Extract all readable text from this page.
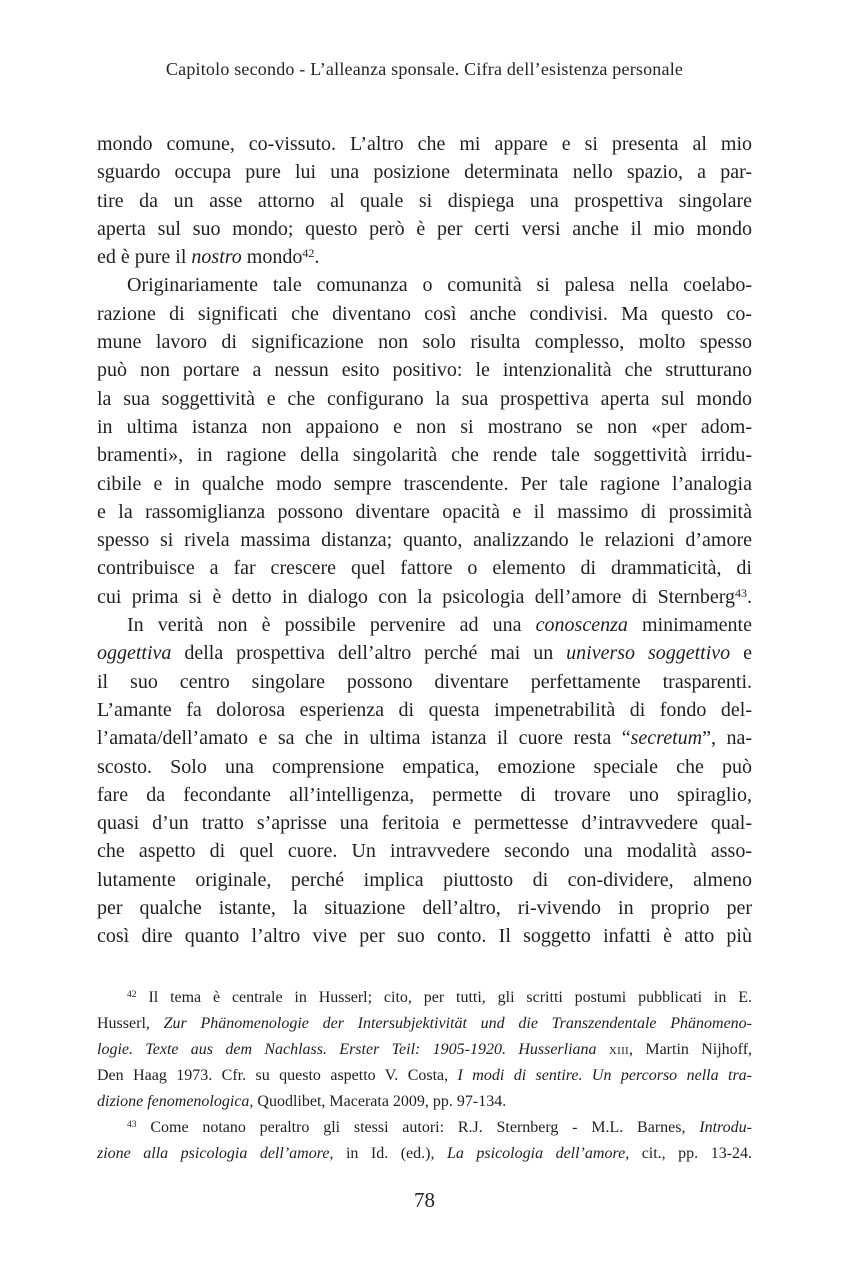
Capitolo secondo - L’alleanza sponsale. Cifra dell’esistenza personale
mondo comune, co-vissuto. L’altro che mi appare e si presenta al mio
sguardo occupa pure lui una posizione determinata nello spazio, a par-
tire da un asse attorno al quale si dispiega una prospettiva singolare
aperta sul suo mondo; questo però è per certi versi anche il mio mondo
ed è pure il nostro mondo$^{42}$.
Originariamente tale comunanza o comunità si palesa nella coelabo-
razione di significati che diventano così anche condivisi. Ma questo co-
mune lavoro di significazione non solo risulta complesso, molto spesso
può non portare a nessun esito positivo: le intenzionalità che strutturano
la sua soggettività e che configurano la sua prospettiva aperta sul mondo
in ultima istanza non appaiono e non si mostrano se non «per adom-
bramenti», in ragione della singolarità che rende tale soggettività irridu-
cibile e in qualche modo sempre trascendente. Per tale ragione l’analogia
e la rassomiglianza possono diventare opacità e il massimo di prossimità
spesso si rivela massima distanza; quanto, analizzando le relazioni d’amore
contribuisce a far crescere quel fattore o elemento di drammaticità, di
cui prima si è detto in dialogo con la psicologia dell’amore di Sternberg$^{43}$.
In verità non è possibile pervenire ad una conoscenza minimamente
oggettiva della prospettiva dell’altro perché mai un universo soggettivo e
il suo centro singolare possono diventare perfettamente trasparenti.
L’amante fa dolorosa esperienza di questa impenetrabilità di fondo del-
l’amata/dell’amato e sa che in ultima istanza il cuore resta “secretum”, na-
scosto. Solo una comprensione empatica, emozione speciale che può
fare da fecondante all’intelligenza, permette di trovare uno spiraglio,
quasi d’un tratto s’aprisse una feritoia e permettesse d’intravvedere qual-
che aspetto di quel cuore. Un intravvedere secondo una modalità asso-
lutamente originale, perché implica piuttosto di con-dividere, almeno
per qualche istante, la situazione dell’altro, ri-vivendo in proprio per
così dire quanto l’altro vive per suo conto. Il soggetto infatti è atto più
$^{42}$ Il tema è centrale in Husserl; cito, per tutti, gli scritti postumi pubblicati in E.
Husserl, Zur Phänomenologie der Intersubjektivität und die Transzendentale Phänomeno-
logie. Texte aus dem Nachlass. Erster Teil: 1905-1920. Husserliana xiii, Martin Nijhoff,
Den Haag 1973. Cfr. su questo aspetto V. Costa, I modi di sentire. Un percorso nella tra-
dizione fenomenologica, Quodlibet, Macerata 2009, pp. 97-134.
$^{43}$ Come notano peraltro gli stessi autori: R.J. Sternberg - M.L. Barnes, Introdu-
zione alla psicologia dell’amore, in Id. (ed.), La psicologia dell’amore, cit., pp. 13-24.
78
